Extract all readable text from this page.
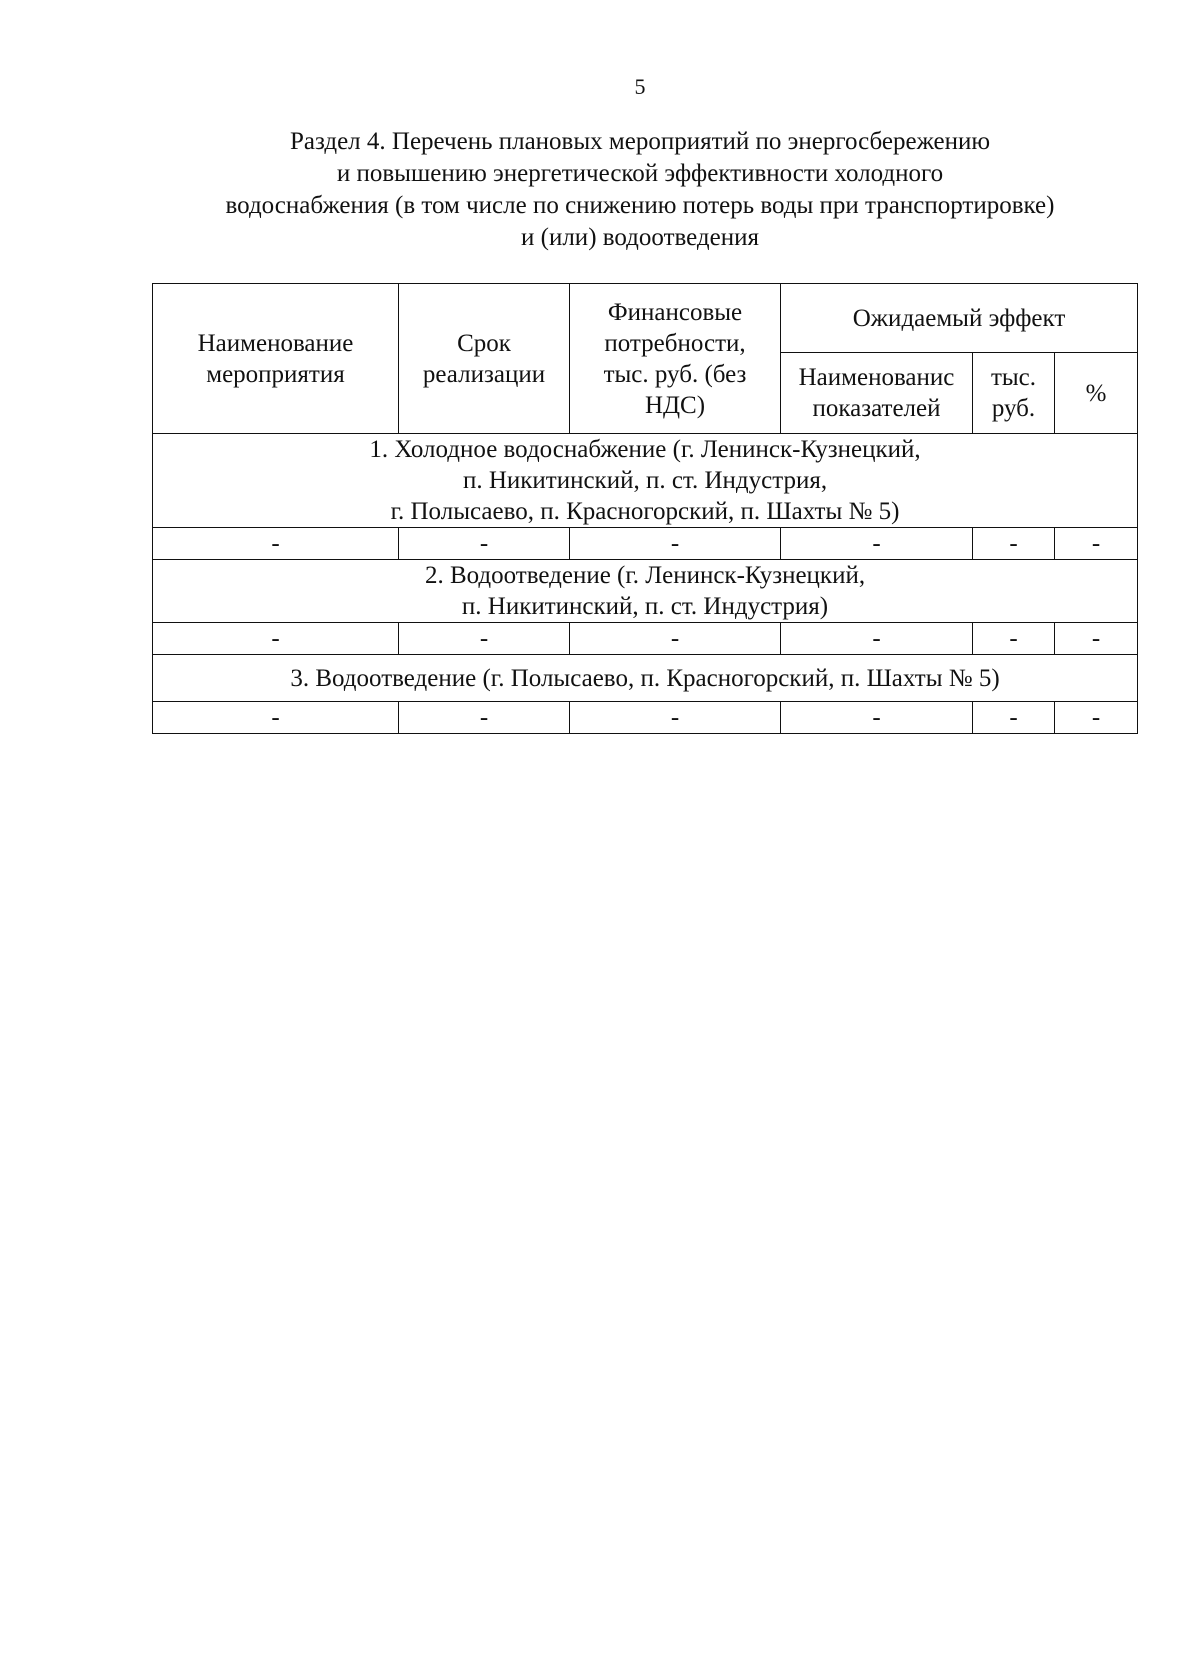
5
Раздел 4. Перечень плановых мероприятий по энергосбережению
и повышению энергетической эффективности холодного
водоснабжения (в том числе по снижению потерь воды при транспортировке)
и (или) водоотведения
Наименование мероприятия	Срок реализации	Финансовые потребности, тыс. руб. (без НДС)	Ожидаемый эффект		
			Наименованис показателей	тыс. руб.	%

1. Холодное водоснабжение (г. Ленинск-Кузнецкий,
п. Никитинский, п. ст. Индустрия,
г. Полысаево, п. Красногорский, п. Шахты № 5)					

-	-	-	-	-	-

2. Водоотведение (г. Ленинск-Кузнецкий,
п. Никитинский, п. ст. Индустрия)					

-	-	-	-	-	-

3. Водоотведение (г. Полысаево, п. Красногорский, п. Шахты № 5)					

-	-	-	-	-	-
